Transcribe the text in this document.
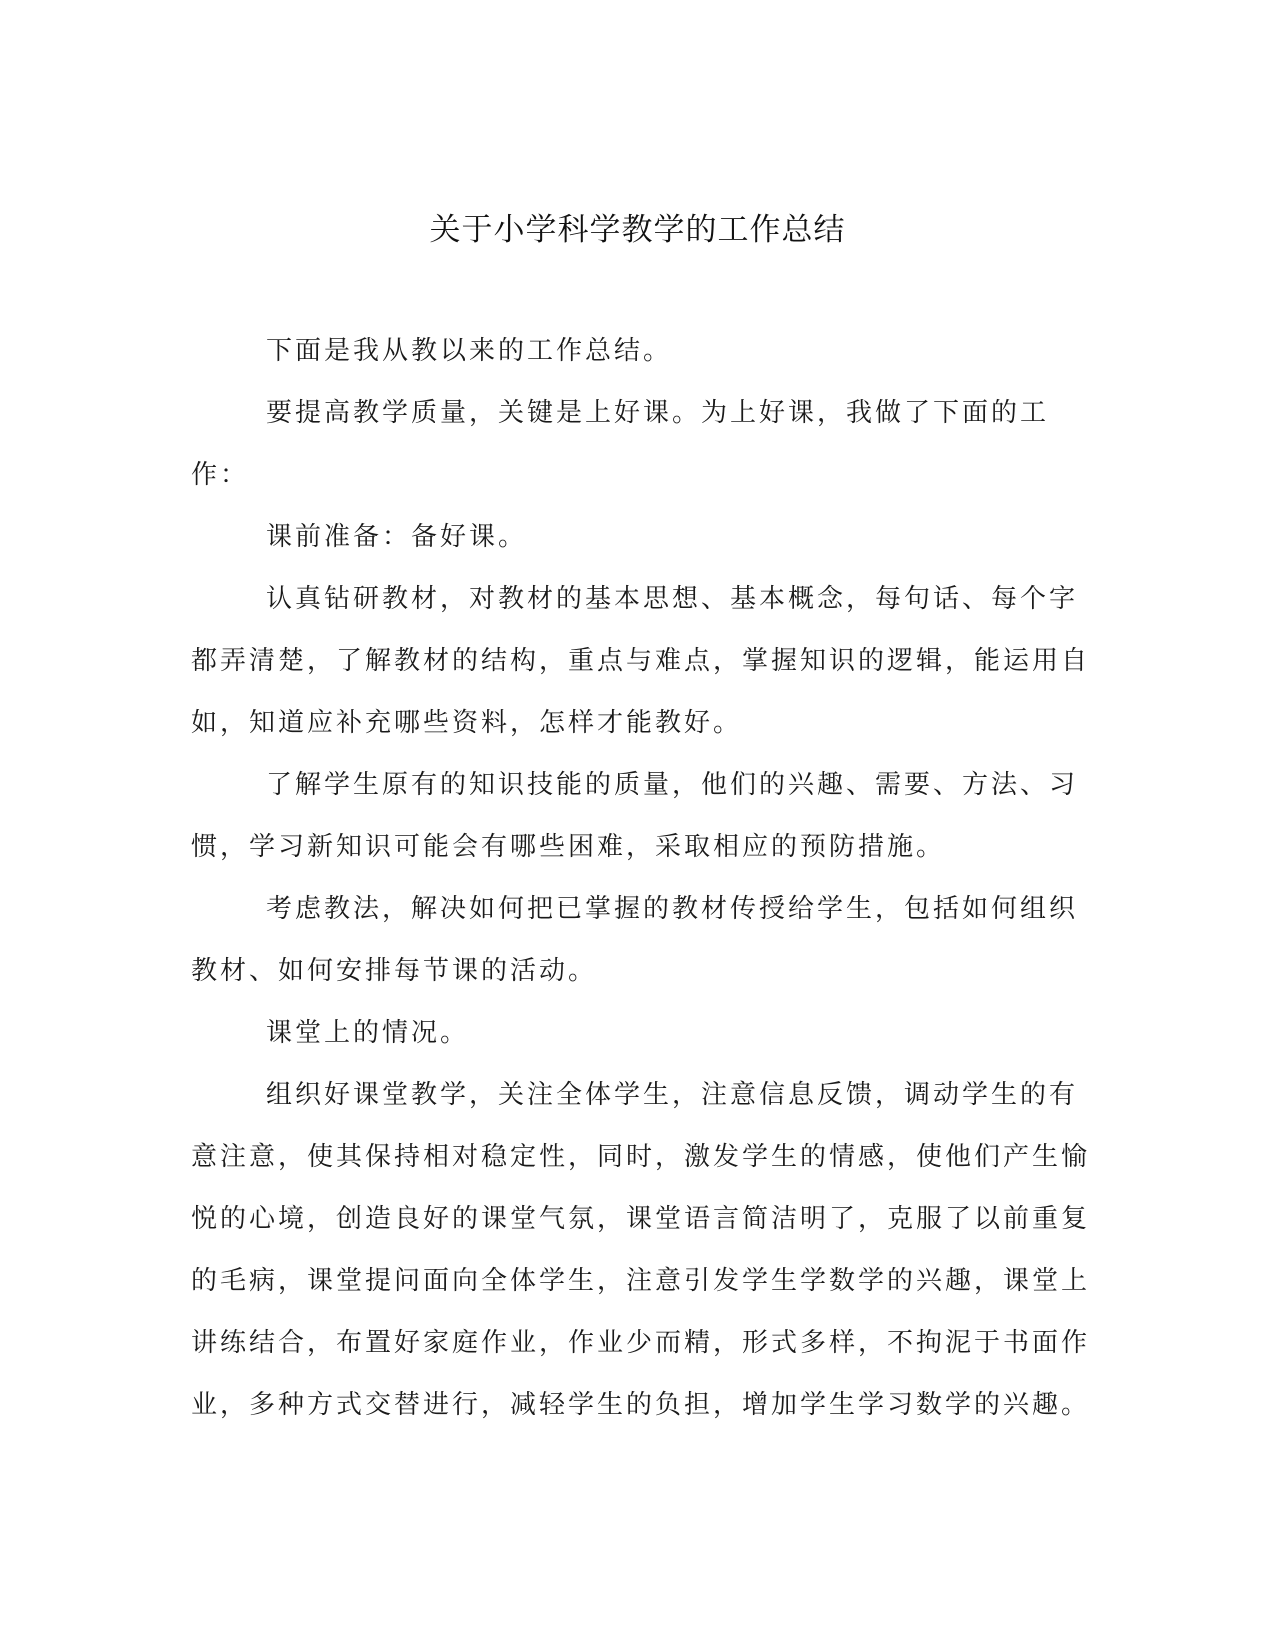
关于小学科学教学的工作总结

下面是我从教以来的工作总结。

要提高教学质量，关键是上好课。为上好课，我做了下面的工作：

课前准备：备好课。

认真钻研教材，对教材的基本思想、基本概念，每句话、每个字都弄清楚，了解教材的结构，重点与难点，掌握知识的逻辑，能运用自如，知道应补充哪些资料，怎样才能教好。

了解学生原有的知识技能的质量，他们的兴趣、需要、方法、习惯，学习新知识可能会有哪些困难，采取相应的预防措施。

考虑教法，解决如何把已掌握的教材传授给学生，包括如何组织教材、如何安排每节课的活动。

课堂上的情况。

组织好课堂教学，关注全体学生，注意信息反馈，调动学生的有意注意，使其保持相对稳定性，同时，激发学生的情感，使他们产生愉悦的心境，创造良好的课堂气氛，课堂语言简洁明了，克服了以前重复的毛病，课堂提问面向全体学生，注意引发学生学数学的兴趣，课堂上讲练结合，布置好家庭作业，作业少而精，形式多样，不拘泥于书面作业，多种方式交替进行，减轻学生的负担，增加学生学习数学的兴趣。
